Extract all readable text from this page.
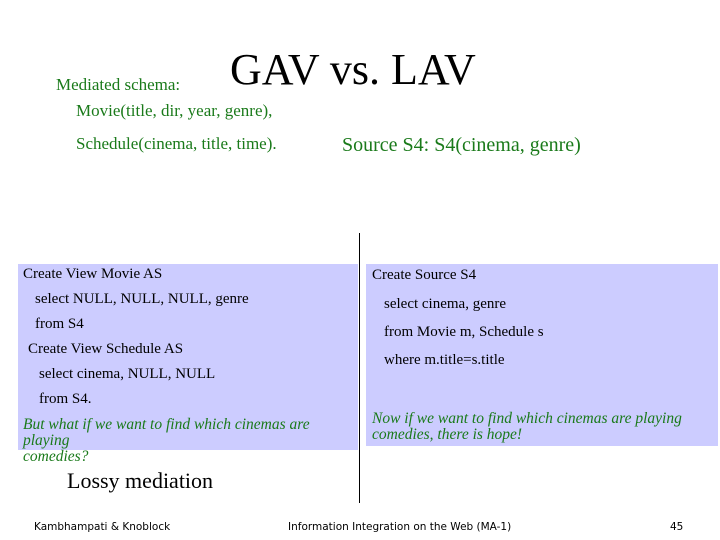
GAV vs. LAV
Mediated schema:
Movie(title, dir, year, genre),
Schedule(cinema, title, time).	Source S4: S4(cinema, genre)
Create View Movie AS
select NULL, NULL, NULL, genre
from S4
Create View Schedule AS
select cinema, NULL, NULL
from S4.
But what if we want to find which cinemas are playing
comedies?
Create Source S4
select cinema, genre
from Movie m, Schedule s
where m.title=s.title
Now if we want to find which cinemas are playing
comedies, there is hope!
Lossy mediation
Kambhampati & Knoblock	Information Integration on the Web (MA-1)	45
